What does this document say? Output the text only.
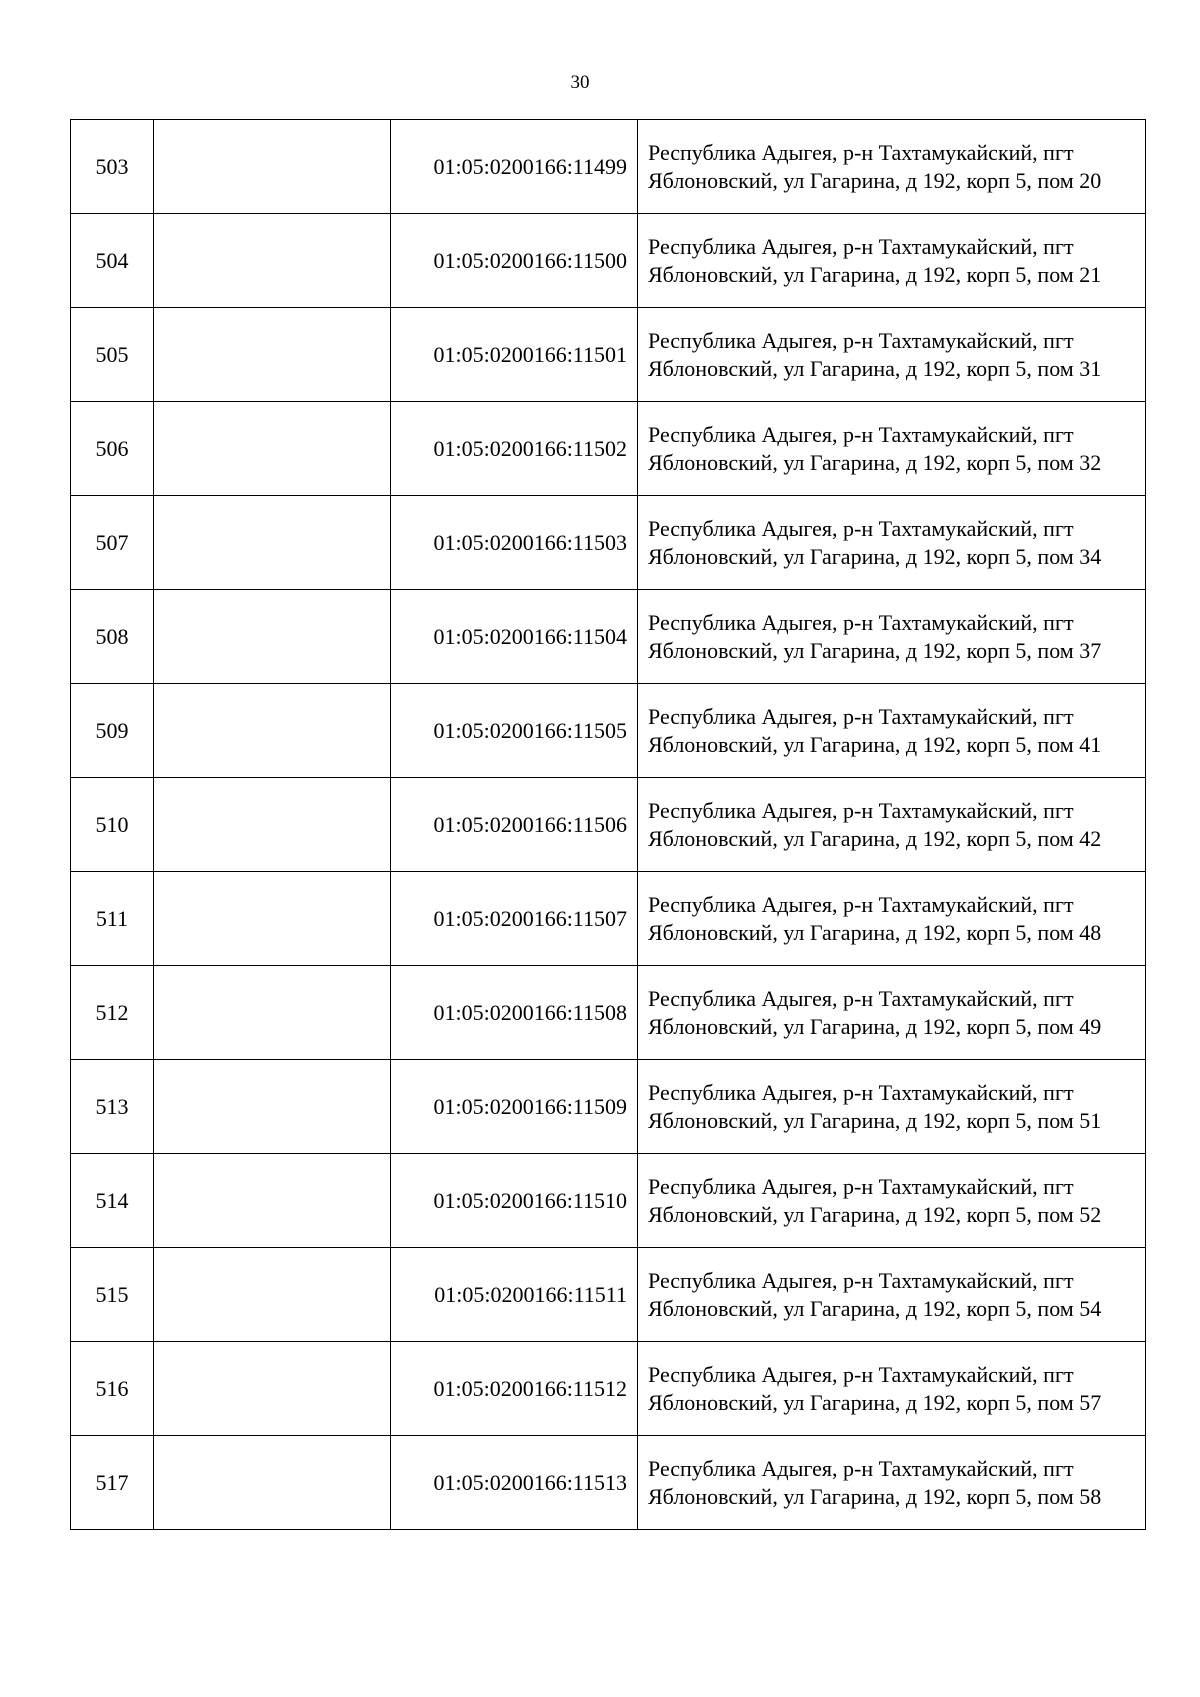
30
503		01:05:0200166:11499	Республика Адыгея, р-н Тахтамукайский, пгт Яблоновский, ул Гагарина, д 192, корп 5, пом 20
504		01:05:0200166:11500	Республика Адыгея, р-н Тахтамукайский, пгт Яблоновский, ул Гагарина, д 192, корп 5, пом 21
505		01:05:0200166:11501	Республика Адыгея, р-н Тахтамукайский, пгт Яблоновский, ул Гагарина, д 192, корп 5, пом 31
506		01:05:0200166:11502	Республика Адыгея, р-н Тахтамукайский, пгт Яблоновский, ул Гагарина, д 192, корп 5, пом 32
507		01:05:0200166:11503	Республика Адыгея, р-н Тахтамукайский, пгт Яблоновский, ул Гагарина, д 192, корп 5, пом 34
508		01:05:0200166:11504	Республика Адыгея, р-н Тахтамукайский, пгт Яблоновский, ул Гагарина, д 192, корп 5, пом 37
509		01:05:0200166:11505	Республика Адыгея, р-н Тахтамукайский, пгт Яблоновский, ул Гагарина, д 192, корп 5, пом 41
510		01:05:0200166:11506	Республика Адыгея, р-н Тахтамукайский, пгт Яблоновский, ул Гагарина, д 192, корп 5, пом 42
511		01:05:0200166:11507	Республика Адыгея, р-н Тахтамукайский, пгт Яблоновский, ул Гагарина, д 192, корп 5, пом 48
512		01:05:0200166:11508	Республика Адыгея, р-н Тахтамукайский, пгт Яблоновский, ул Гагарина, д 192, корп 5, пом 49
513		01:05:0200166:11509	Республика Адыгея, р-н Тахтамукайский, пгт Яблоновский, ул Гагарина, д 192, корп 5, пом 51
514		01:05:0200166:11510	Республика Адыгея, р-н Тахтамукайский, пгт Яблоновский, ул Гагарина, д 192, корп 5, пом 52
515		01:05:0200166:11511	Республика Адыгея, р-н Тахтамукайский, пгт Яблоновский, ул Гагарина, д 192, корп 5, пом 54
516		01:05:0200166:11512	Республика Адыгея, р-н Тахтамукайский, пгт Яблоновский, ул Гагарина, д 192, корп 5, пом 57
517		01:05:0200166:11513	Республика Адыгея, р-н Тахтамукайский, пгт Яблоновский, ул Гагарина, д 192, корп 5, пом 58
